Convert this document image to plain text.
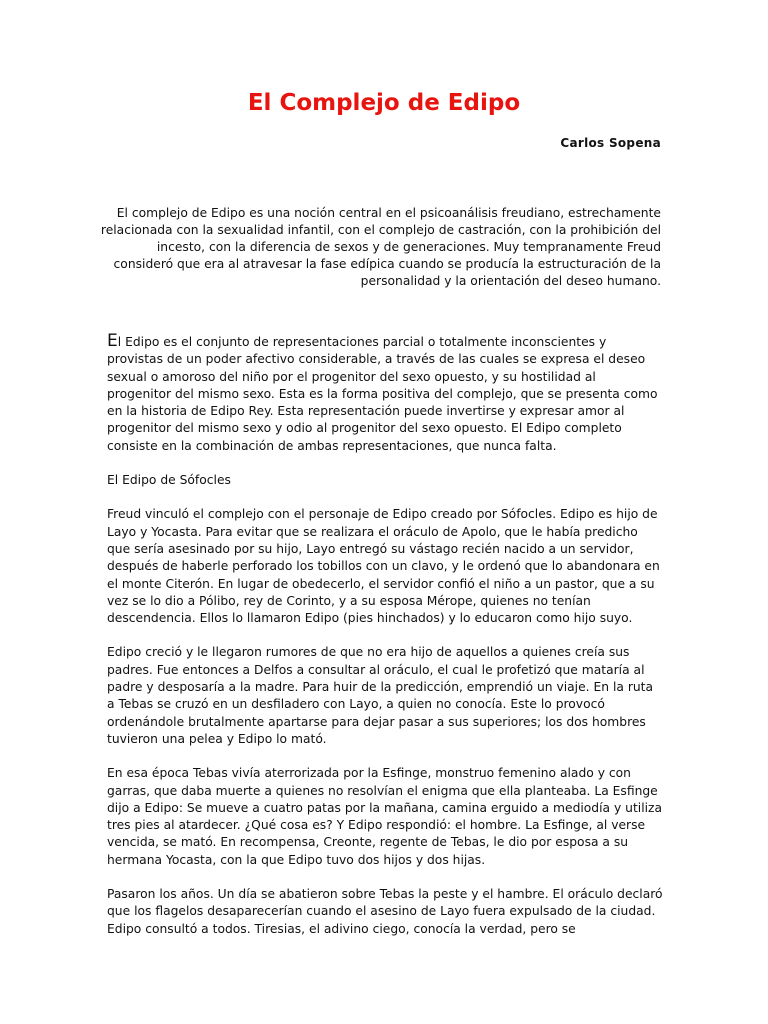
El Complejo de Edipo
Carlos Sopena
El complejo de Edipo es una noción central en el psicoanálisis freudiano, estrechamente relacionada con la sexualidad infantil, con el complejo de castración, con la prohibición del incesto, con la diferencia de sexos y de generaciones. Muy tempranamente Freud consideró que era al atravesar la fase edípica cuando se producía la estructuración de la personalidad y la orientación del deseo humano.

El Edipo es el conjunto de representaciones parcial o totalmente inconscientes y provistas de un poder afectivo considerable, a través de las cuales se expresa el deseo sexual o amoroso del niño por el progenitor del sexo opuesto, y su hostilidad al progenitor del mismo sexo. Esta es la forma positiva del complejo, que se presenta como en la historia de Edipo Rey. Esta representación puede invertirse y expresar amor al progenitor del mismo sexo y odio al progenitor del sexo opuesto. El Edipo completo consiste en la combinación de ambas representaciones, que nunca falta.

El Edipo de Sófocles

Freud vinculó el complejo con el personaje de Edipo creado por Sófocles. Edipo es hijo de Layo y Yocasta. Para evitar que se realizara el oráculo de Apolo, que le había predicho que sería asesinado por su hijo, Layo entregó su vástago recién nacido a un servidor, después de haberle perforado los tobillos con un clavo, y le ordenó que lo abandonara en el monte Citerón. En lugar de obedecerlo, el servidor confió el niño a un pastor, que a su vez se lo dio a Pólibo, rey de Corinto, y a su esposa Mérope, quienes no tenían descendencia. Ellos lo llamaron Edipo (pies hinchados) y lo educaron como hijo suyo.

Edipo creció y le llegaron rumores de que no era hijo de aquellos a quienes creía sus padres. Fue entonces a Delfos a consultar al oráculo, el cual le profetizó que mataría al padre y desposaría a la madre. Para huir de la predicción, emprendió un viaje. En la ruta a Tebas se cruzó en un desfiladero con Layo, a quien no conocía. Este lo provocó ordenándole brutalmente apartarse para dejar pasar a sus superiores; los dos hombres tuvieron una pelea y Edipo lo mató.

En esa época Tebas vivía aterrorizada por la Esfinge, monstruo femenino alado y con garras, que daba muerte a quienes no resolvían el enigma que ella planteaba. La Esfinge dijo a Edipo: Se mueve a cuatro patas por la mañana, camina erguido a mediodía y utiliza tres pies al atardecer. ¿Qué cosa es? Y Edipo respondió: el hombre. La Esfinge, al verse vencida, se mató. En recompensa, Creonte, regente de Tebas, le dio por esposa a su hermana Yocasta, con la que Edipo tuvo dos hijos y dos hijas.

Pasaron los años. Un día se abatieron sobre Tebas la peste y el hambre. El oráculo declaró que los flagelos desaparecerían cuando el asesino de Layo fuera expulsado de la ciudad. Edipo consultó a todos. Tiresias, el adivino ciego, conocía la verdad, pero se
